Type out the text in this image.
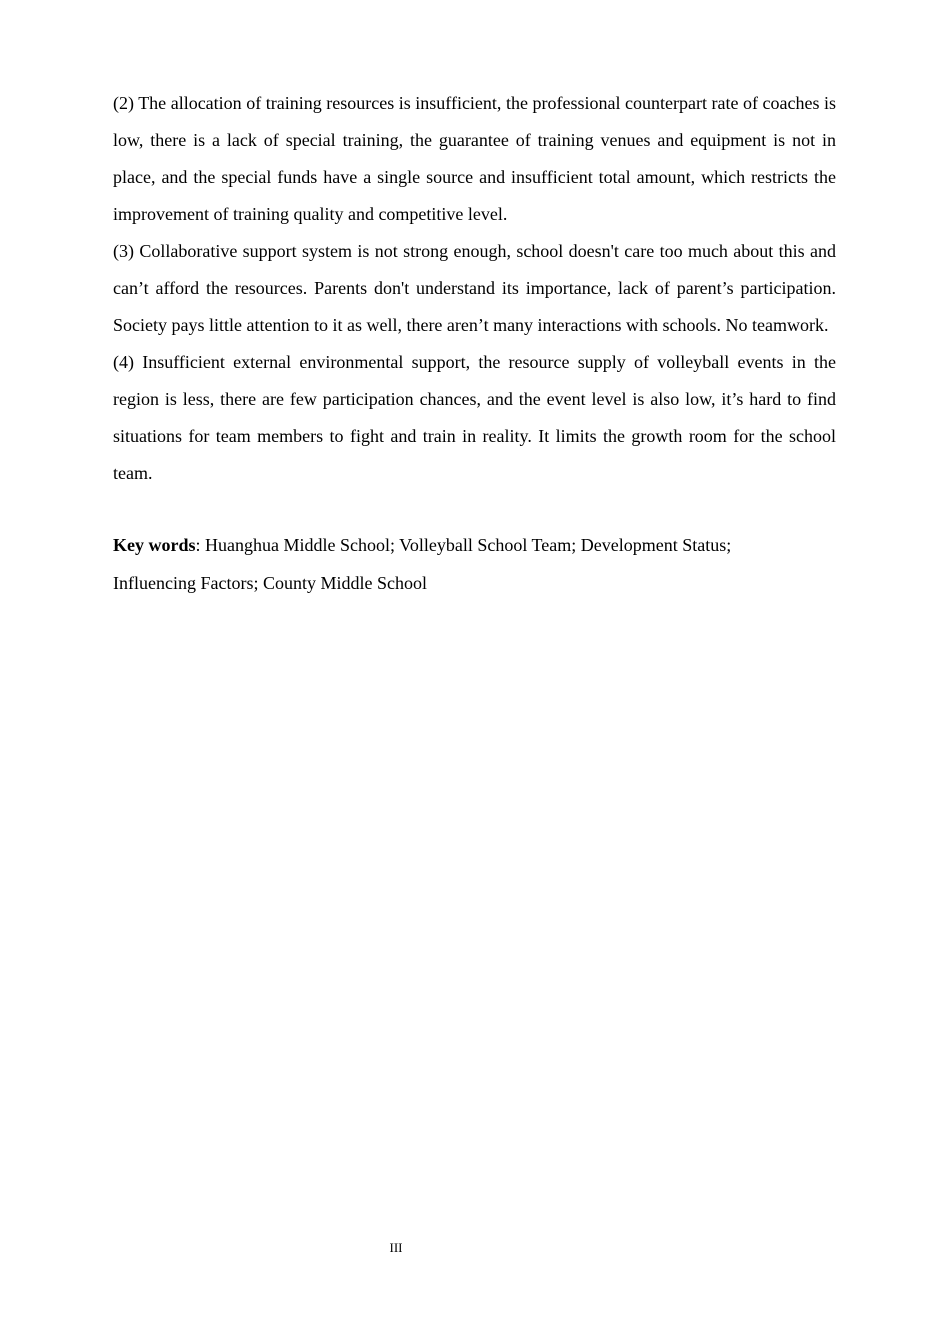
(2) The allocation of training resources is insufficient, the professional counterpart rate of coaches is low, there is a lack of special training, the guarantee of training venues and equipment is not in place, and the special funds have a single source and insufficient total amount, which restricts the improvement of training quality and competitive level.

(3) Collaborative support system is not strong enough, school doesn't care too much about this and can’t afford the resources. Parents don't understand its importance, lack of parent’s participation. Society pays little attention to it as well, there aren’t many interactions with schools. No teamwork.

(4) Insufficient external environmental support, the resource supply of volleyball events in the region is less, there are few participation chances, and the event level is also low, it’s hard to find situations for team members to fight and train in reality. It limits the growth room for the school team.

Key words: Huanghua Middle School; Volleyball School Team; Development Status; Influencing Factors; County Middle School

III
